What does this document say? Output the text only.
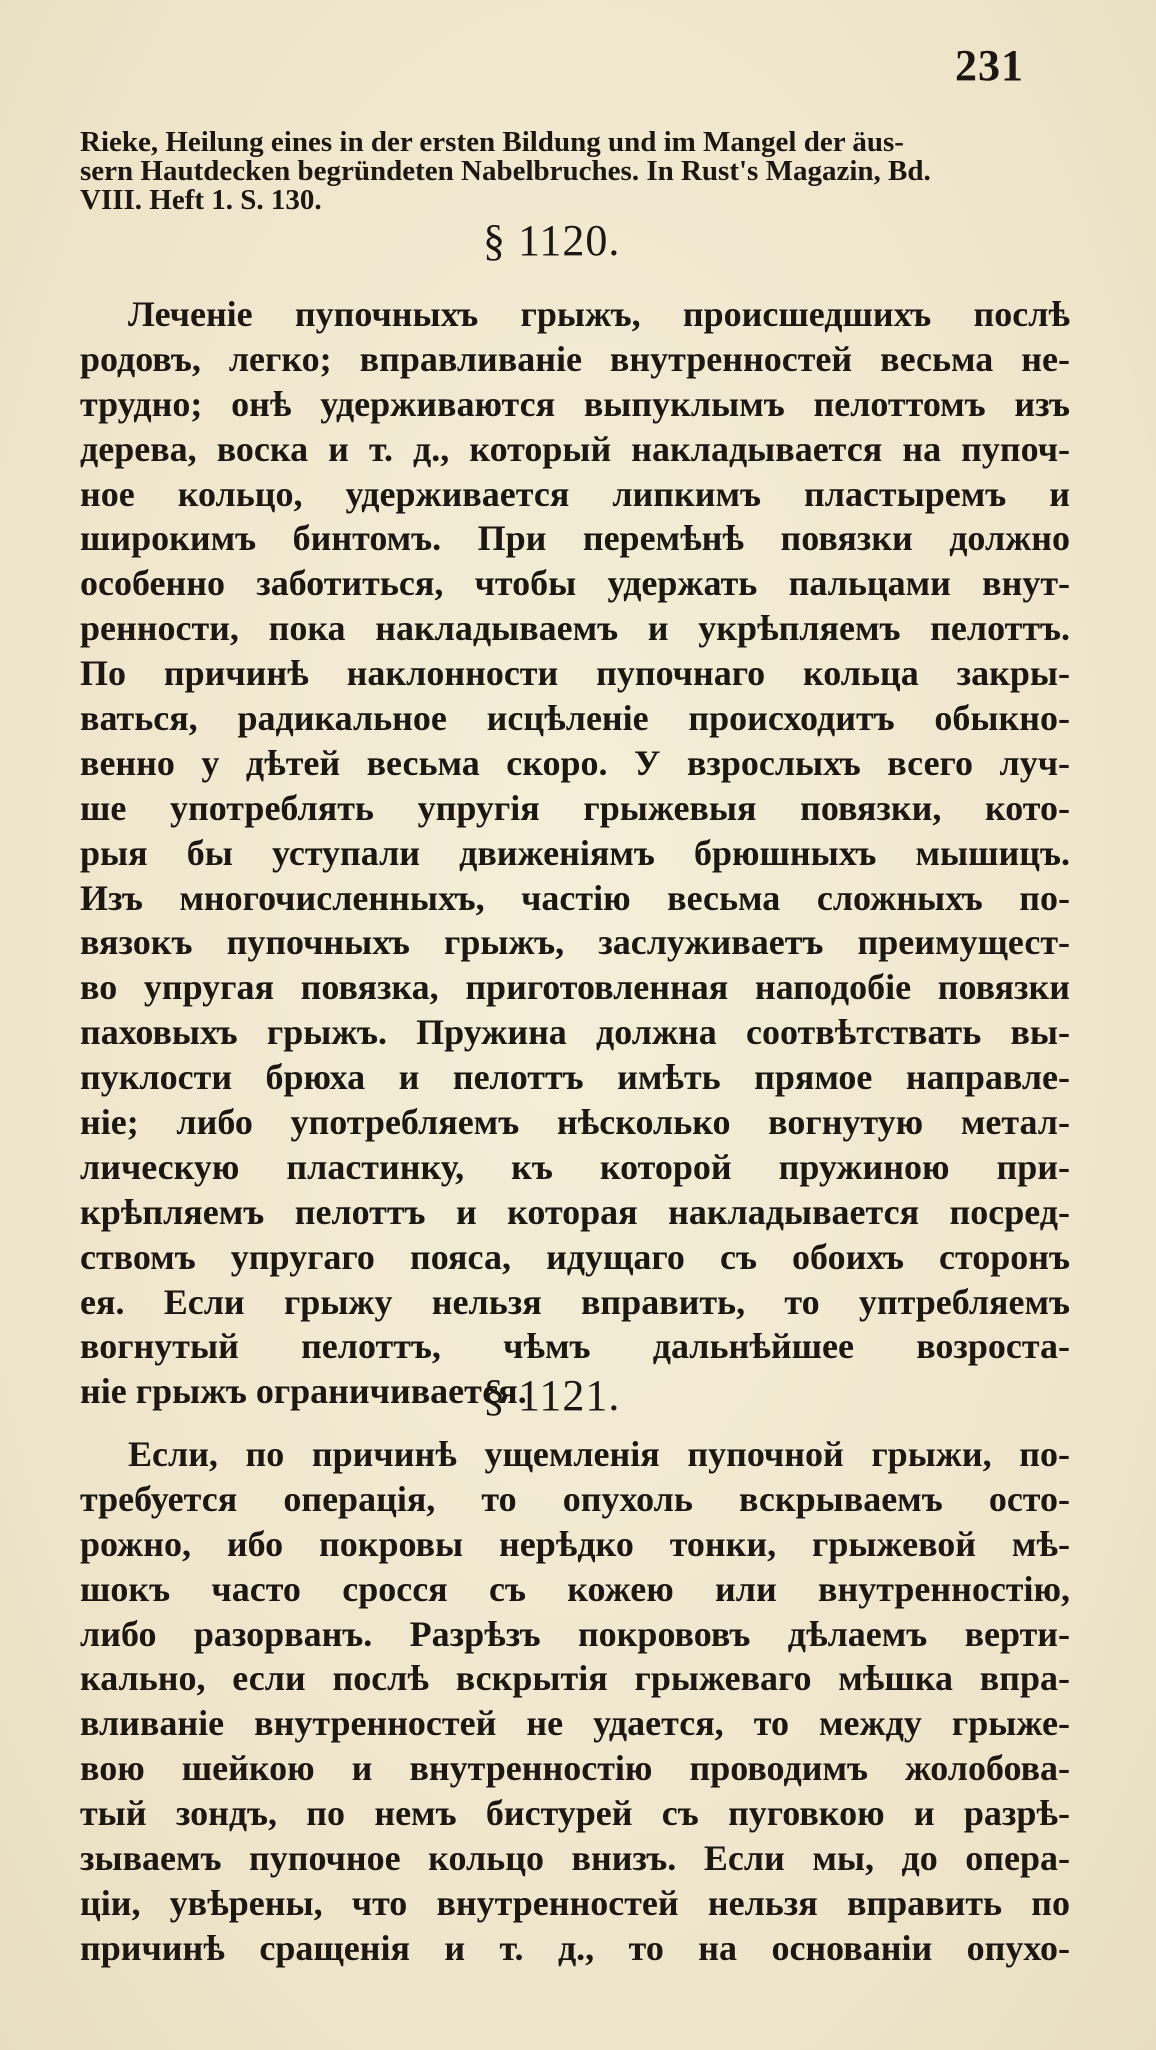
231
Rieke, Heilung eines in der ersten Bildung und im Mangel der äus-
sern Hautdecken begründeten Nabelbruches. In Rust's Magazin, Bd.
VIII. Heft 1. S. 130.
§ 1120.
Леченіе пупочныхъ грыжъ, происшедшихъ послѣ
родовъ, легко; вправливаніе внутренностей весьма не-
трудно; онѣ удерживаются выпуклымъ пелоттомъ изъ
дерева, воска и т. д., который накладывается на пупоч-
ное кольцо, удерживается липкимъ пластыремъ и
широкимъ бинтомъ. При перемѣнѣ повязки должно
особенно заботиться, чтобы удержать пальцами внут-
ренности, пока накладываемъ и укрѣпляемъ пелоттъ.
По причинѣ наклонности пупочнаго кольца закры-
ваться, радикальное исцѣленіе происходитъ обыкно-
венно у дѣтей весьма скоро. У взрослыхъ всего луч-
ше употреблять упругія грыжевыя повязки, кото-
рыя бы уступали движеніямъ брюшныхъ мышицъ.
Изъ многочисленныхъ, частію весьма сложныхъ по-
вязокъ пупочныхъ грыжъ, заслуживаетъ преимущест-
во упругая повязка, приготовленная наподобіе повязки
паховыхъ грыжъ. Пружина должна соотвѣтствать вы-
пуклости брюха и пелоттъ имѣть прямое направле-
ніе; либо употребляемъ нѣсколько вогнутую метал-
лическую пластинку, къ которой пружиною при-
крѣпляемъ пелоттъ и которая накладывается посред-
ствомъ упругаго пояса, идущаго съ обоихъ сторонъ
ея. Если грыжу нельзя вправить, то уптребляемъ
вогнутый пелоттъ, чѣмъ дальнѣйшее возроста-
ніе грыжъ ограничивается.
§ 1121.
Если, по причинѣ ущемленія пупочной грыжи, по-
требуется операція, то опухоль вскрываемъ осто-
рожно, ибо покровы нерѣдко тонки, грыжевой мѣ-
шокъ часто сросся съ кожею или внутренностію,
либо разорванъ. Разрѣзъ покрововъ дѣлаемъ верти-
кально, если послѣ вскрытія грыжеваго мѣшка впра-
вливаніе внутренностей не удается, то между грыже-
вою шейкою и внутренностію проводимъ жолобова-
тый зондъ, по немъ бистурей съ пуговкою и разрѣ-
зываемъ пупочное кольцо внизъ. Если мы, до опера-
ціи, увѣрены, что внутренностей нельзя вправить по
причинѣ сращенія и т. д., то на основаніи опухо-
